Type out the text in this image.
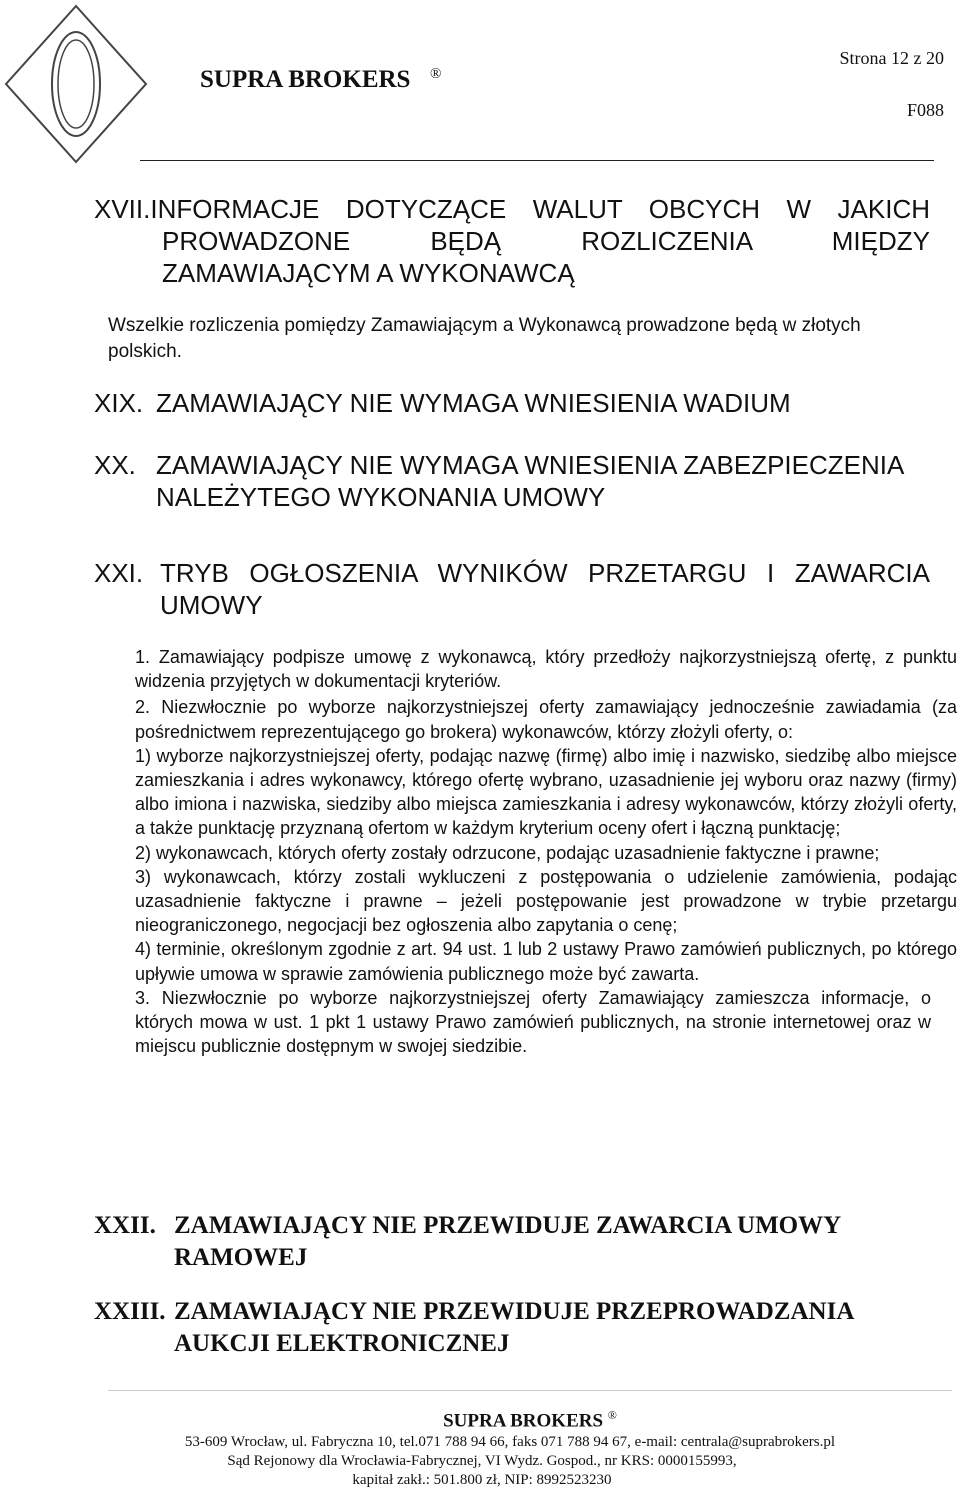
Strona 12 z 20
SUPRA BROKERS ®
F088
XVII. INFORMACJE DOTYCZĄCE WALUT OBCYCH W JAKICH
PROWADZONE BĘDĄ ROZLICZENIA MIĘDZY
ZAMAWIAJĄCYM A WYKONAWCĄ
Wszelkie rozliczenia pomiędzy Zamawiającym a Wykonawcą prowadzone będą w złotych polskich.
XIX. ZAMAWIAJĄCY NIE WYMAGA WNIESIENIA WADIUM
XX. ZAMAWIAJĄCY NIE WYMAGA WNIESIENIA ZABEZPIECZENIA
NALEŻYTEGO WYKONANIA UMOWY
XXI. TRYB OGŁOSZENIA WYNIKÓW PRZETARGU I ZAWARCIA
UMOWY

1. Zamawiający podpisze umowę z wykonawcą, który przedłoży najkorzystniejszą ofertę, z punktu widzenia przyjętych w dokumentacji kryteriów.

2. Niezwłocznie po wyborze najkorzystniejszej oferty zamawiający jednocześnie zawiadamia (za pośrednictwem reprezentującego go brokera) wykonawców, którzy złożyli oferty, o:

1) wyborze najkorzystniejszej oferty, podając nazwę (firmę) albo imię i nazwisko, siedzibę albo miejsce zamieszkania i adres wykonawcy, którego ofertę wybrano, uzasadnienie jej wyboru oraz nazwy (firmy) albo imiona i nazwiska, siedziby albo miejsca zamieszkania i adresy wykonawców, którzy złożyli oferty, a także punktację przyznaną ofertom w każdym kryterium oceny ofert i łączną punktację;

2) wykonawcach, których oferty zostały odrzucone, podając uzasadnienie faktyczne i prawne;

3) wykonawcach, którzy zostali wykluczeni z postępowania o udzielenie zamówienia, podając uzasadnienie faktyczne i prawne – jeżeli postępowanie jest prowadzone w trybie przetargu nieograniczonego, negocjacji bez ogłoszenia albo zapytania o cenę;

4) terminie, określonym zgodnie z art. 94 ust. 1 lub 2 ustawy Prawo zamówień publicznych, po którego upływie umowa w sprawie zamówienia publicznego może być zawarta.

3. Niezwłocznie po wyborze najkorzystniejszej oferty Zamawiający zamieszcza informacje, o których mowa w ust. 1 pkt 1 ustawy Prawo zamówień publicznych, na stronie internetowej oraz w miejscu publicznie dostępnym w swojej siedzibie.

XXII. ZAMAWIAJĄCY NIE PRZEWIDUJE ZAWARCIA UMOWY
RAMOWEJ
XXIII. ZAMAWIAJĄCY NIE PRZEWIDUJE PRZEPROWADZANIA
AUKCJI ELEKTRONICZNEJ
SUPRA BROKERS ®
53-609 Wrocław, ul. Fabryczna 10, tel.071 788 94 66, faks 071 788 94 67, e-mail: centrala@suprabrokers.pl
Sąd Rejonowy dla Wrocławia-Fabrycznej, VI Wydz. Gospod., nr KRS: 0000155993,
kapitał zakł.: 501.800 zł, NIP: 8992523230
